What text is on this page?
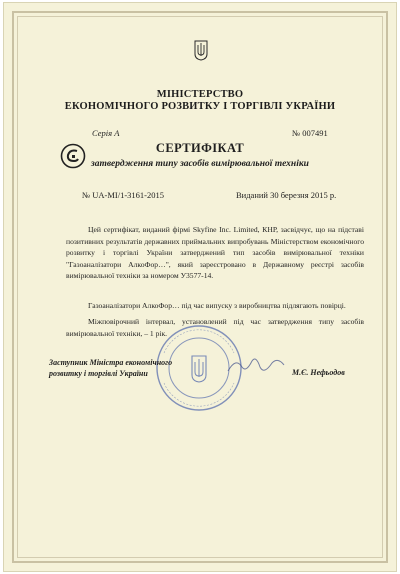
МІНІСТЕРСТВО
ЕКОНОМІЧНОГО РОЗВИТКУ І ТОРГІВЛІ УКРАЇНИ
Серія А	№ 007491
СЕРТИФІКАТ
затвердження типу засобів вимірювальної техніки
№ UA-МІ/1-3161-2015	Виданий 30 березня 2015 р.

Цей сертифікат, виданий фірмі Skyfine Inc. Limited, КНР, засвідчує, що на підставі позитивних результатів державних приймальних випробувань Міністерством економічного розвитку і торгівлі України затверджений тип засобів вимірювальної техніки "Газоаналізатори АлкоФор…", який зареєстровано в Державному реєстрі засобів вимірювальної техніки за номером У3577-14.

Газоаналізатори АлкоФор… під час випуску з виробництва підлягають повірці.

Міжповірочний інтервал, установлений під час затвердження типу засобів вимірювальної техніки, – 1 рік.

Заступник Міністра економічного розвитку і торгівлі України	М.Є. Нефьодов
